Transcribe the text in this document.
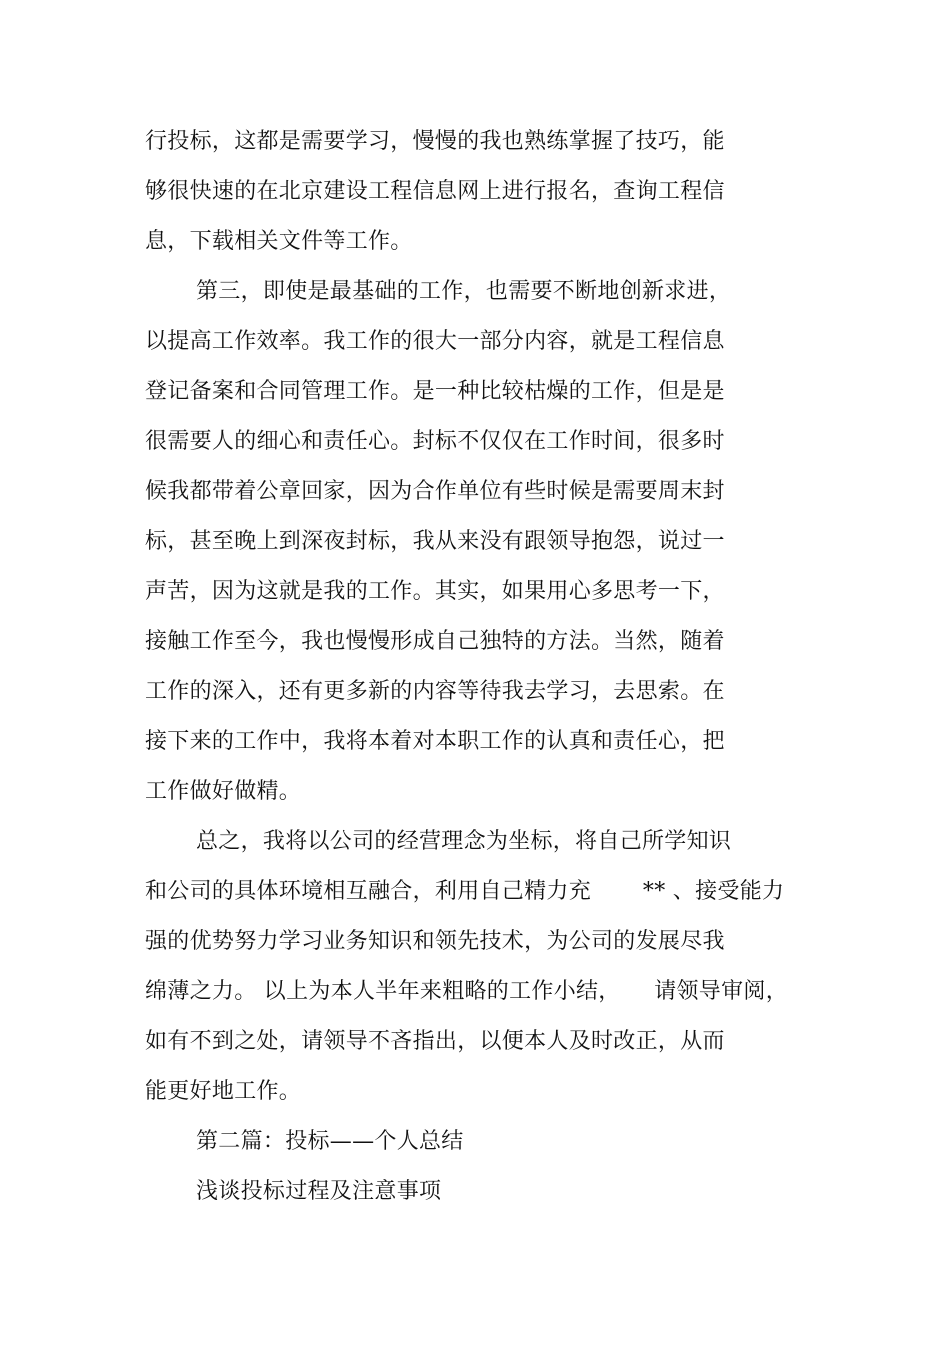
行投标，这都是需要学习，慢慢的我也熟练掌握了技巧，能
够很快速的在北京建设工程信息网上进行报名，查询工程信
息，下载相关文件等工作。
第三，即使是最基础的工作，也需要不断地创新求进，
以提高工作效率。我工作的很大一部分内容，就是工程信息
登记备案和合同管理工作。是一种比较枯燥的工作，但是是
很需要人的细心和责任心。封标不仅仅在工作时间，很多时
候我都带着公章回家，因为合作单位有些时候是需要周末封
标，甚至晚上到深夜封标，我从来没有跟领导抱怨，说过一
声苦，因为这就是我的工作。其实，如果用心多思考一下，
接触工作至今，我也慢慢形成自己独特的方法。当然，随着
工作的深入，还有更多新的内容等待我去学习，去思索。在
接下来的工作中，我将本着对本职工作的认真和责任心，把
工作做好做精。
总之，我将以公司的经营理念为坐标，将自己所学知识
和公司的具体环境相互融合，利用自己精力充　　 ** 、接受能力
强的优势努力学习业务知识和领先技术，为公司的发展尽我
绵薄之力。 以上为本人半年来粗略的工作小结，　　请领导审阅，
如有不到之处，请领导不吝指出，以便本人及时改正，从而
能更好地工作。
第二篇：投标——个人总结
浅谈投标过程及注意事项
